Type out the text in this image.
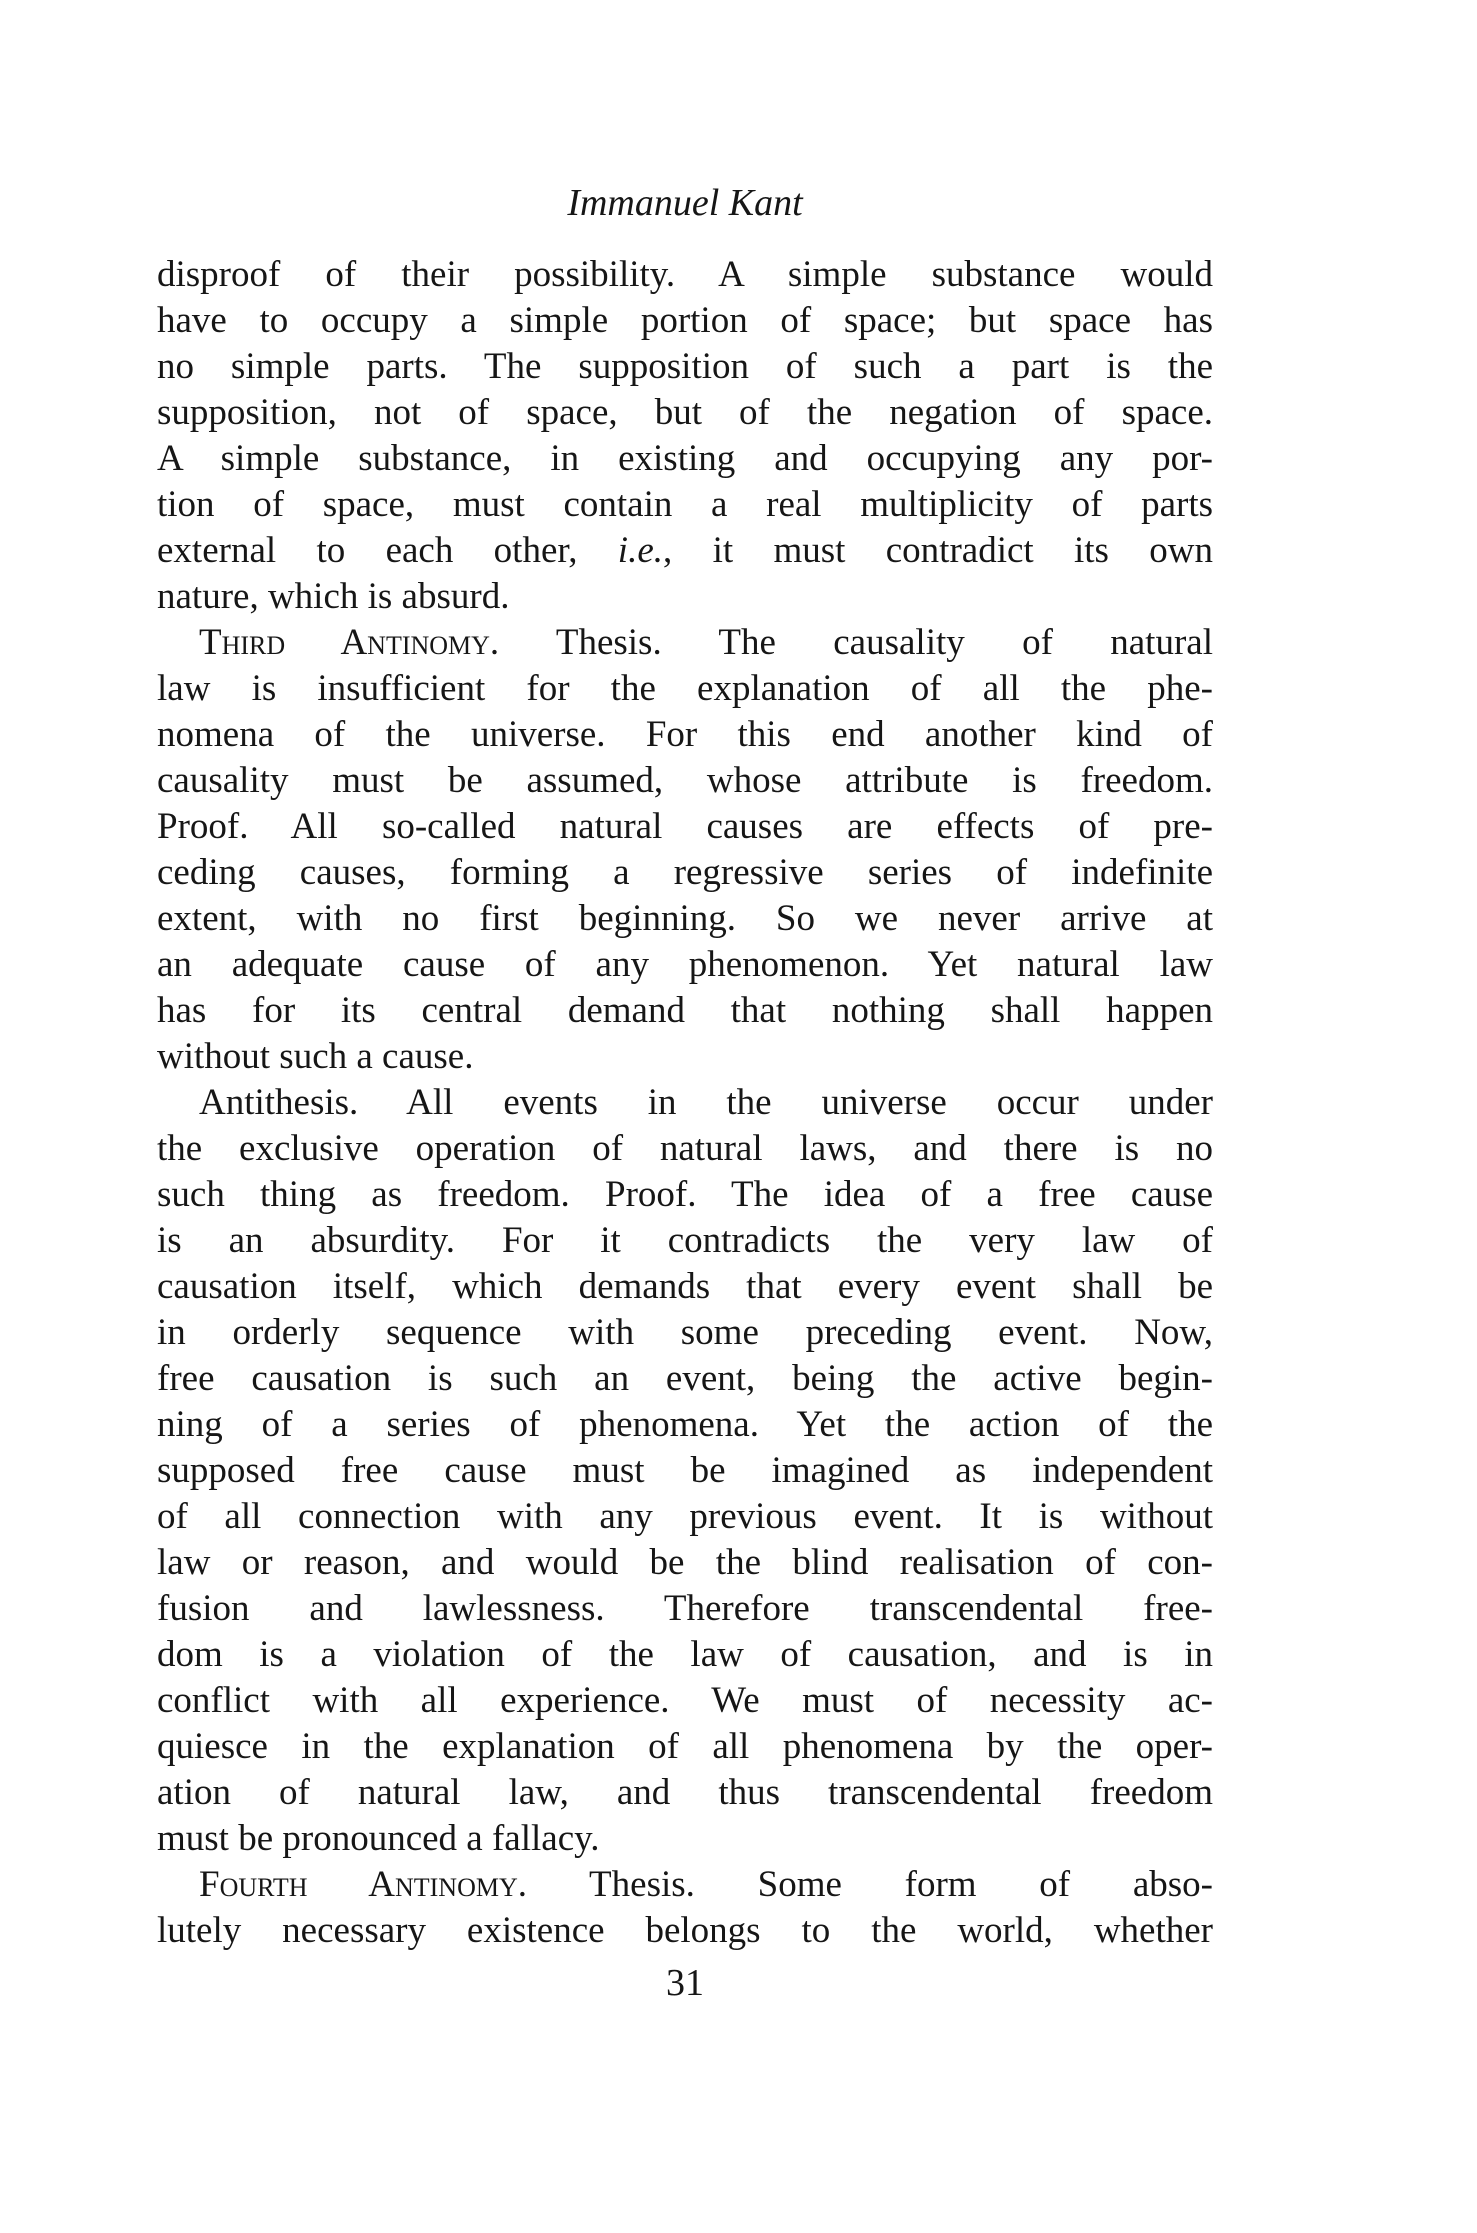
Immanuel Kant
disproof of their possibility. A simple substance would
have to occupy a simple portion of space; but space has
no simple parts. The supposition of such a part is the
supposition, not of space, but of the negation of space.
A simple substance, in existing and occupying any por-
tion of space, must contain a real multiplicity of parts
external to each other, i.e., it must contradict its own
nature, which is absurd.
Third Antinomy. Thesis. The causality of natural
law is insufficient for the explanation of all the phe-
nomena of the universe. For this end another kind of
causality must be assumed, whose attribute is freedom.
Proof. All so-called natural causes are effects of pre-
ceding causes, forming a regressive series of indefinite
extent, with no first beginning. So we never arrive at
an adequate cause of any phenomenon. Yet natural law
has for its central demand that nothing shall happen
without such a cause.
Antithesis. All events in the universe occur under
the exclusive operation of natural laws, and there is no
such thing as freedom. Proof. The idea of a free cause
is an absurdity. For it contradicts the very law of
causation itself, which demands that every event shall be
in orderly sequence with some preceding event. Now,
free causation is such an event, being the active begin-
ning of a series of phenomena. Yet the action of the
supposed free cause must be imagined as independent
of all connection with any previous event. It is without
law or reason, and would be the blind realisation of con-
fusion and lawlessness. Therefore transcendental free-
dom is a violation of the law of causation, and is in
conflict with all experience. We must of necessity ac-
quiesce in the explanation of all phenomena by the oper-
ation of natural law, and thus transcendental freedom
must be pronounced a fallacy.
Fourth Antinomy. Thesis. Some form of abso-
lutely necessary existence belongs to the world, whether
31
